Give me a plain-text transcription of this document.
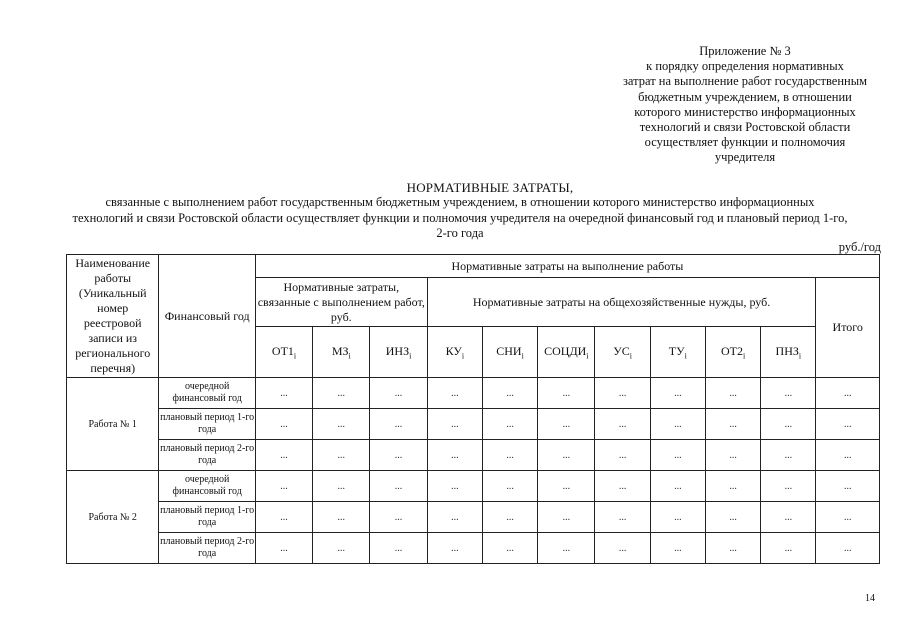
Приложение № 3
к порядку определения нормативных
затрат на выполнение работ государственным
бюджетным учреждением, в отношении
которого министерство информационных
технологий и связи Ростовской области
осуществляет функции и полномочия
учредителя
НОРМАТИВНЫЕ ЗАТРАТЫ,
связанные с выполнением работ государственным бюджетным учреждением, в отношении которого министерство информационных
технологий и связи Ростовской области осуществляет функции и полномочия учредителя на очередной финансовый год и плановый период 1-го,
2-го года
руб./год
Наименование работы (Уникальный номер реестровой записи из регионального перечня)	Финансовый год	Нормативные затраты на выполнение работы										
		Нормативные затраты, связанные с выполнением работ, руб.			Нормативные затраты на общехозяйственные нужды, руб.							Итого
		$ОТ1_i$	$МЗ_i$	$ИНЗ_i$	$КУ_i$	$СНИ_i$	$СОЦДИ_i$	$УС_i$	$ТУ_i$	$ОТ2_i$	$ПНЗ_i$
Работа № 1	очередной финансовый год	...	...	...	...	...	...	...	...	...	...	...
	плановый период 1-го года	...	...	...	...	...	...	...	...	...	...	...
	плановый период 2-го года	...	...	...	...	...	...	...	...	...	...	...
Работа № 2	очередной финансовый год	...	...	...	...	...	...	...	...	...	...	...
	плановый период 1-го года	...	...	...	...	...	...	...	...	...	...	...
	плановый период 2-го года	...	...	...	...	...	...	...	...	...	...	...
14
